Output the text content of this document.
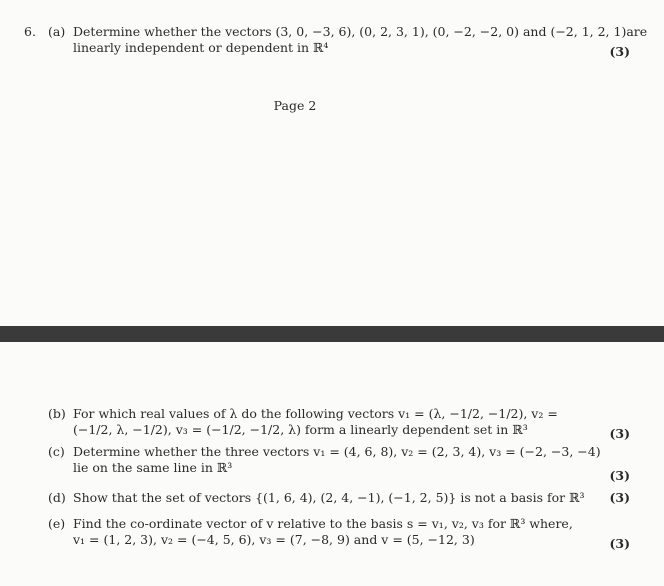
6. (a) Determine whether the vectors (3, 0, −3, 6), (0, 2, 3, 1), (0, −2, −2, 0) and (−2, 1, 2, 1)are
linearly independent or dependent in ℝ⁴	(3)
Page 2
(b) For which real values of λ do the following vectors v₁ = (λ, −1/2, −1/2), v₂ =
(−1/2, λ, −1/2), v₃ = (−1/2, −1/2, λ) form a linearly dependent set in ℝ³	(3)
(c) Determine whether the three vectors v₁ = (4, 6, 8), v₂ = (2, 3, 4), v₃ = (−2, −3, −4)
lie on the same line in ℝ³
(3)
(d) Show that the set of vectors {(1, 6, 4), (2, 4, −1), (−1, 2, 5)} is not a basis for ℝ³	(3)
(e) Find the co-ordinate vector of v relative to the basis s = v₁, v₂, v₃ for ℝ³ where,
v₁ = (1, 2, 3), v₂ = (−4, 5, 6), v₃ = (7, −8, 9) and v = (5, −12, 3)	(3)
